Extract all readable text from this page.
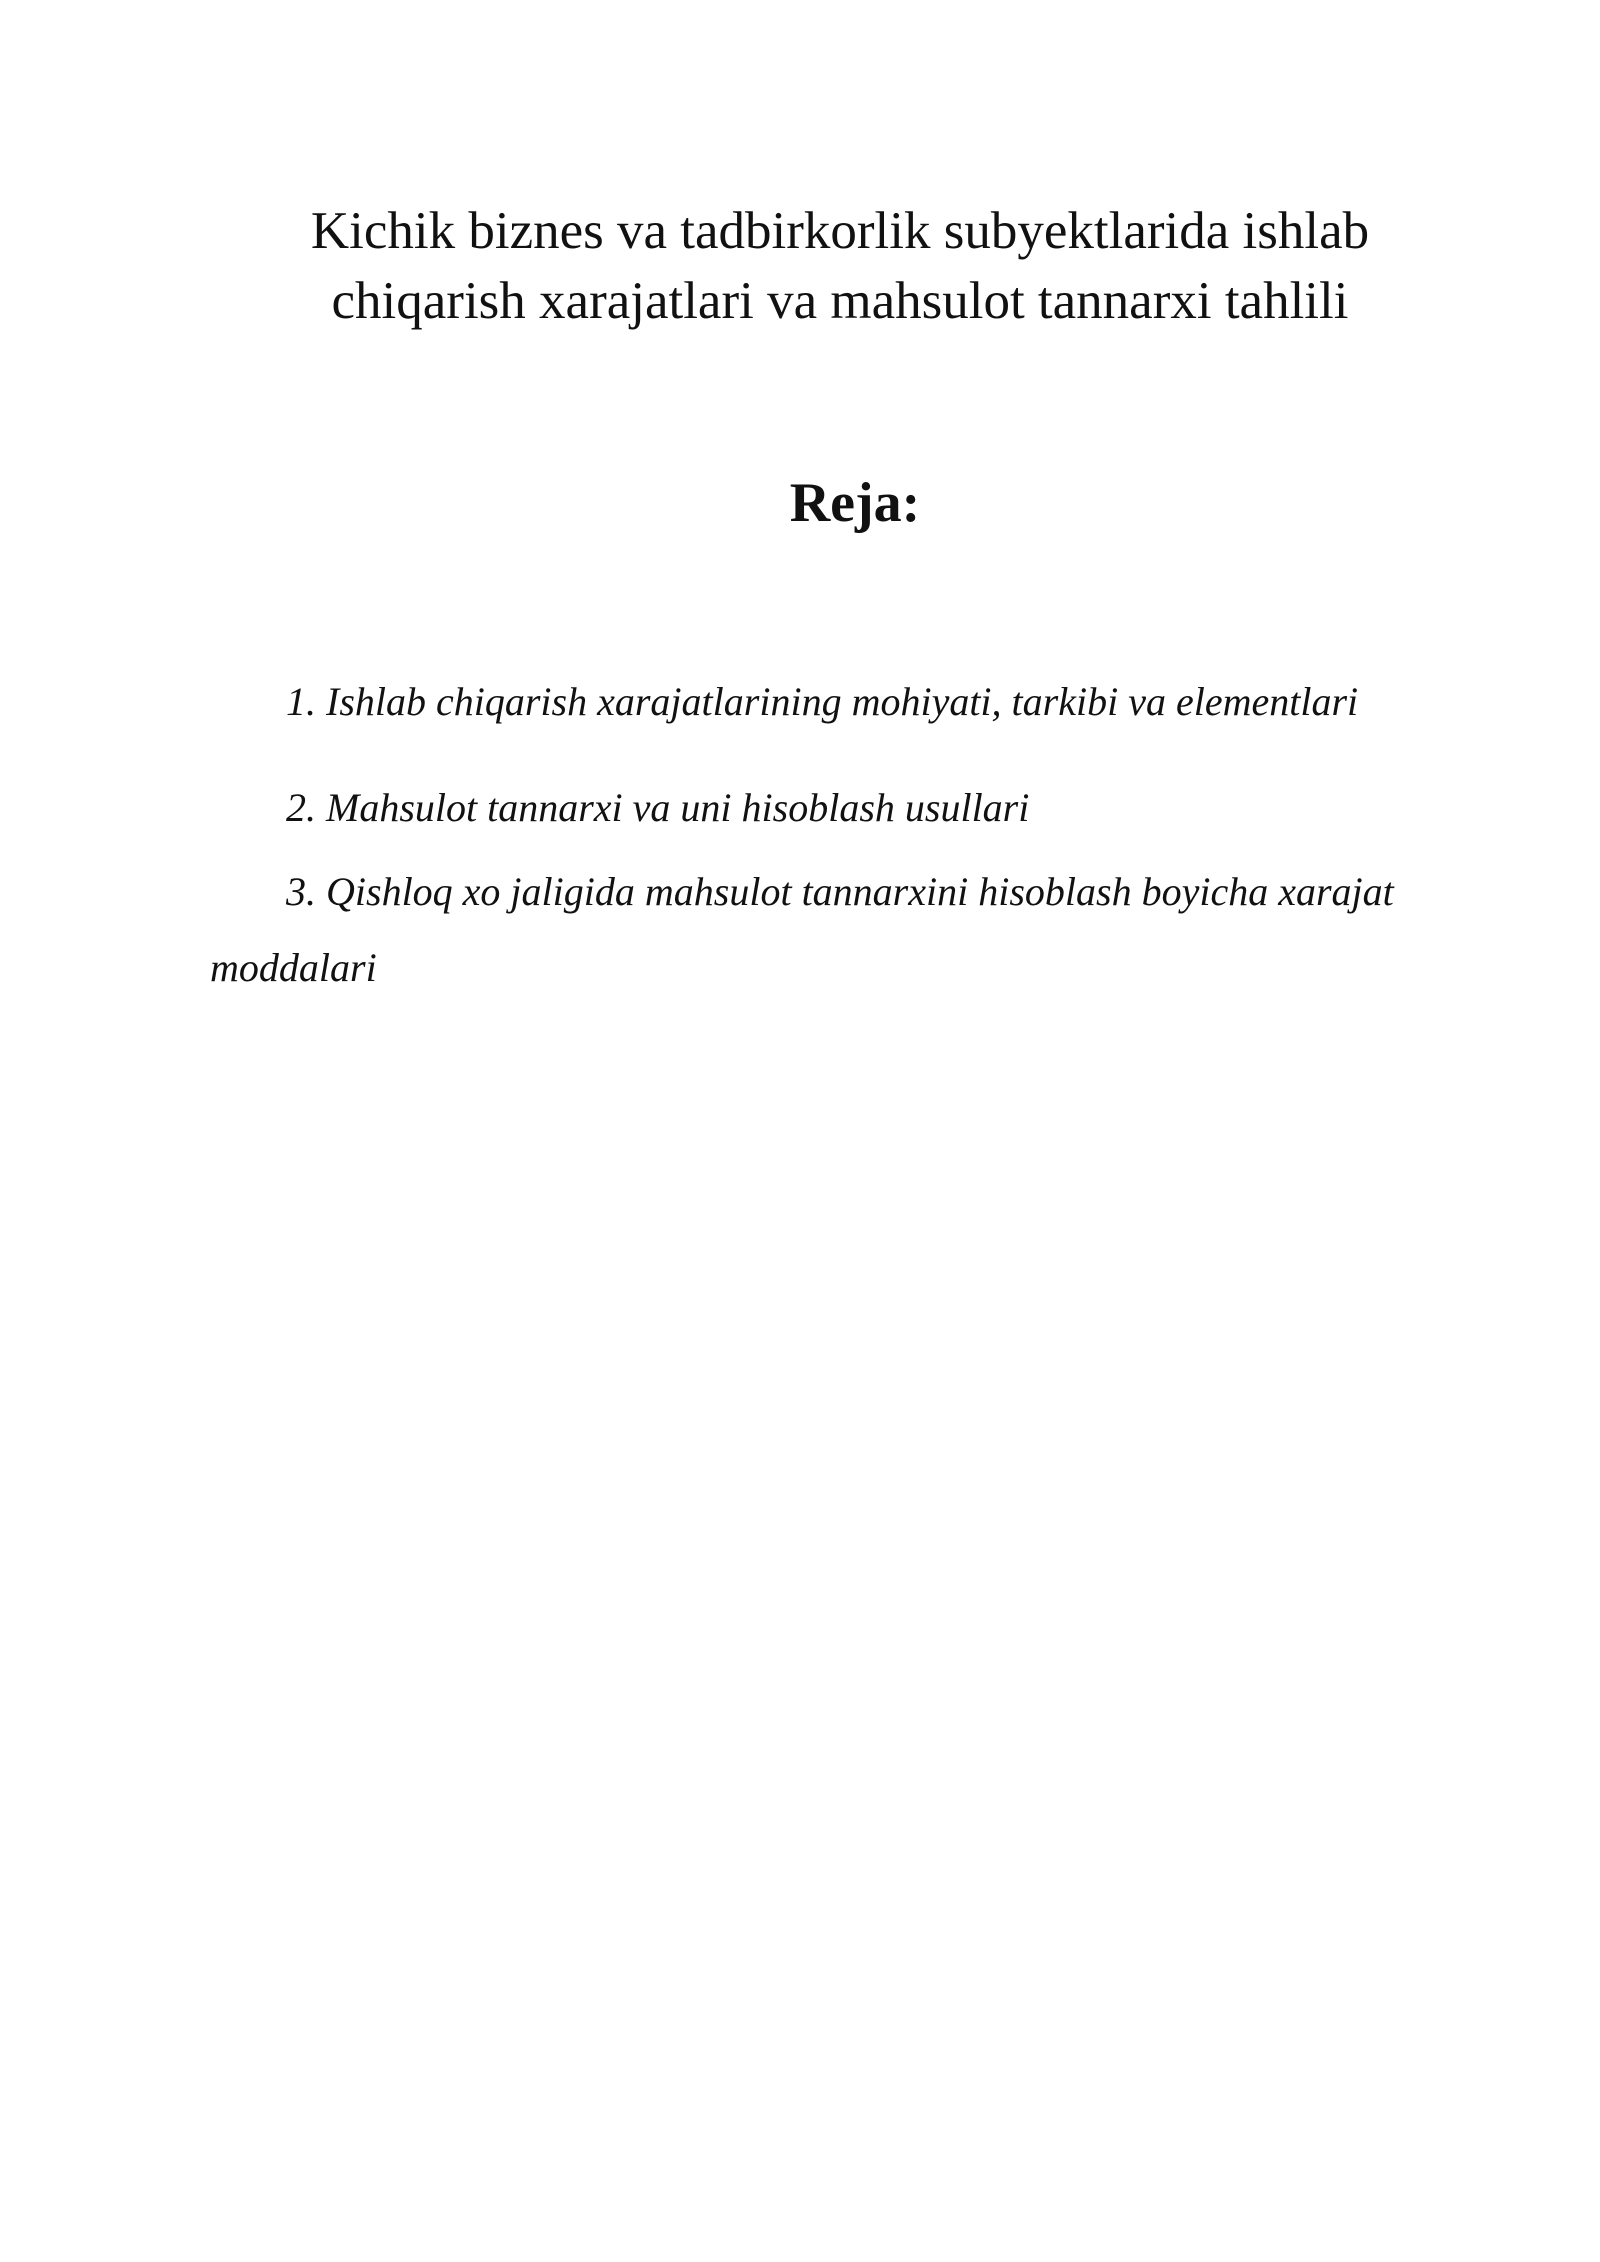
Kichik biznes va tadbirkorlik subyektlarida ishlab
chiqarish xarajatlari va mahsulot tannarxi tahlili
Reja:
1. Ishlab chiqarish xarajatlarining mohiyati, tarkibi va elementlari
2. Mahsulot tannarxi va uni hisoblash usullari
3. Qishloq xo jaligida mahsulot tannarxini hisoblash boyicha xarajat moddalari
